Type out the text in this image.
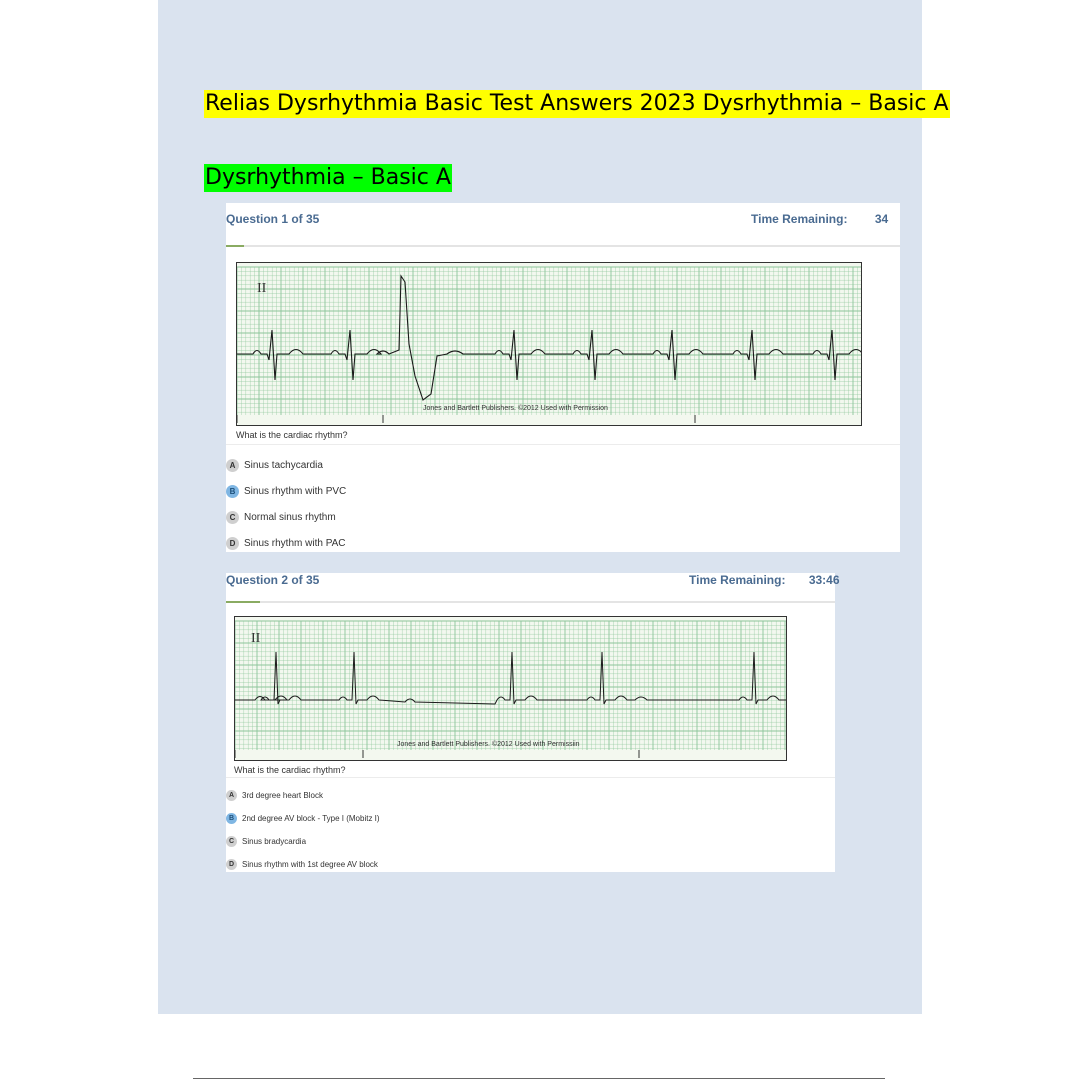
Relias Dysrhythmia Basic Test Answers 2023 Dysrhythmia – Basic A
Dysrhythmia – Basic A
Question 1 of 35	Time Remaining: 34
II
Jones and Bartlett Publishers. ©2012 Used with Permission
What is the cardiac rhythm?
A Sinus tachycardia
B Sinus rhythm with PVC
C Normal sinus rhythm
D Sinus rhythm with PAC
Question 2 of 35	Time Remaining: 33:46
II
Jones and Bartlett Publishers. ©2012 Used with Permissiin
What is the cardiac rhythm?
A 3rd degree heart Block
B 2nd degree AV block - Type I (Mobitz I)
C Sinus bradycardia
D Sinus rhythm with 1st degree AV block
